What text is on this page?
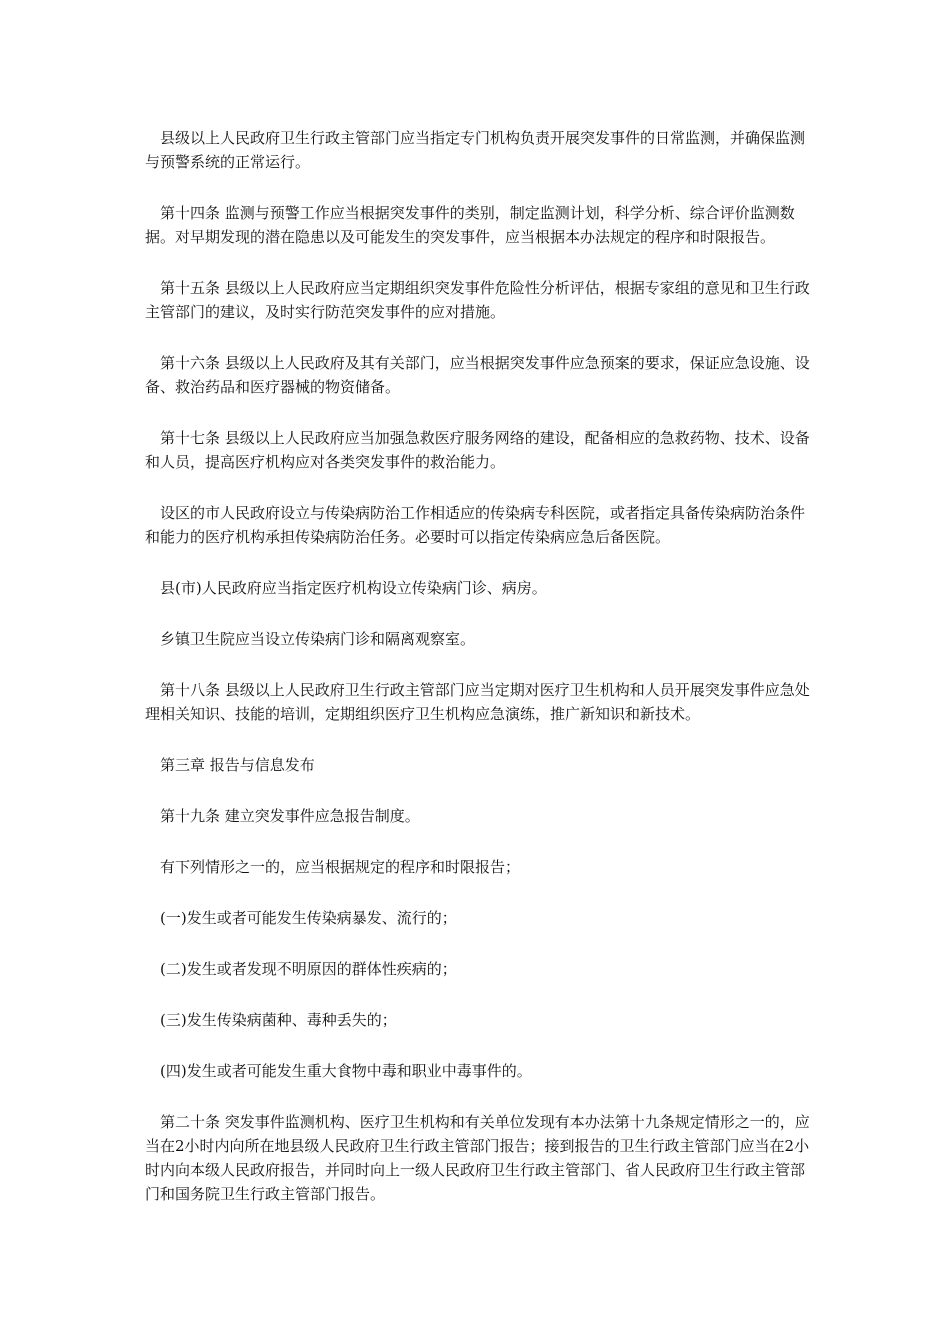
县级以上人民政府卫生行政主管部门应当指定专门机构负责开展突发事件的日常监测，并确保监测与预警系统的正常运行。

第十四条 监测与预警工作应当根据突发事件的类别，制定监测计划，科学分析、综合评价监测数据。对早期发现的潜在隐患以及可能发生的突发事件，应当根据本办法规定的程序和时限报告。

第十五条 县级以上人民政府应当定期组织突发事件危险性分析评估，根据专家组的意见和卫生行政主管部门的建议，及时实行防范突发事件的应对措施。

第十六条 县级以上人民政府及其有关部门，应当根据突发事件应急预案的要求，保证应急设施、设备、救治药品和医疗器械的物资储备。

第十七条 县级以上人民政府应当加强急救医疗服务网络的建设，配备相应的急救药物、技术、设备和人员，提高医疗机构应对各类突发事件的救治能力。

设区的市人民政府设立与传染病防治工作相适应的传染病专科医院，或者指定具备传染病防治条件和能力的医疗机构承担传染病防治任务。必要时可以指定传染病应急后备医院。

县(市)人民政府应当指定医疗机构设立传染病门诊、病房。

乡镇卫生院应当设立传染病门诊和隔离观察室。

第十八条 县级以上人民政府卫生行政主管部门应当定期对医疗卫生机构和人员开展突发事件应急处理相关知识、技能的培训，定期组织医疗卫生机构应急演练，推广新知识和新技术。

第三章 报告与信息发布

第十九条 建立突发事件应急报告制度。

有下列情形之一的，应当根据规定的程序和时限报告；

(一)发生或者可能发生传染病暴发、流行的；

(二)发生或者发现不明原因的群体性疾病的；

(三)发生传染病菌种、毒种丢失的；

(四)发生或者可能发生重大食物中毒和职业中毒事件的。

第二十条 突发事件监测机构、医疗卫生机构和有关单位发现有本办法第十九条规定情形之一的，应当在2小时内向所在地县级人民政府卫生行政主管部门报告；接到报告的卫生行政主管部门应当在2小时内向本级人民政府报告，并同时向上一级人民政府卫生行政主管部门、省人民政府卫生行政主管部门和国务院卫生行政主管部门报告。
